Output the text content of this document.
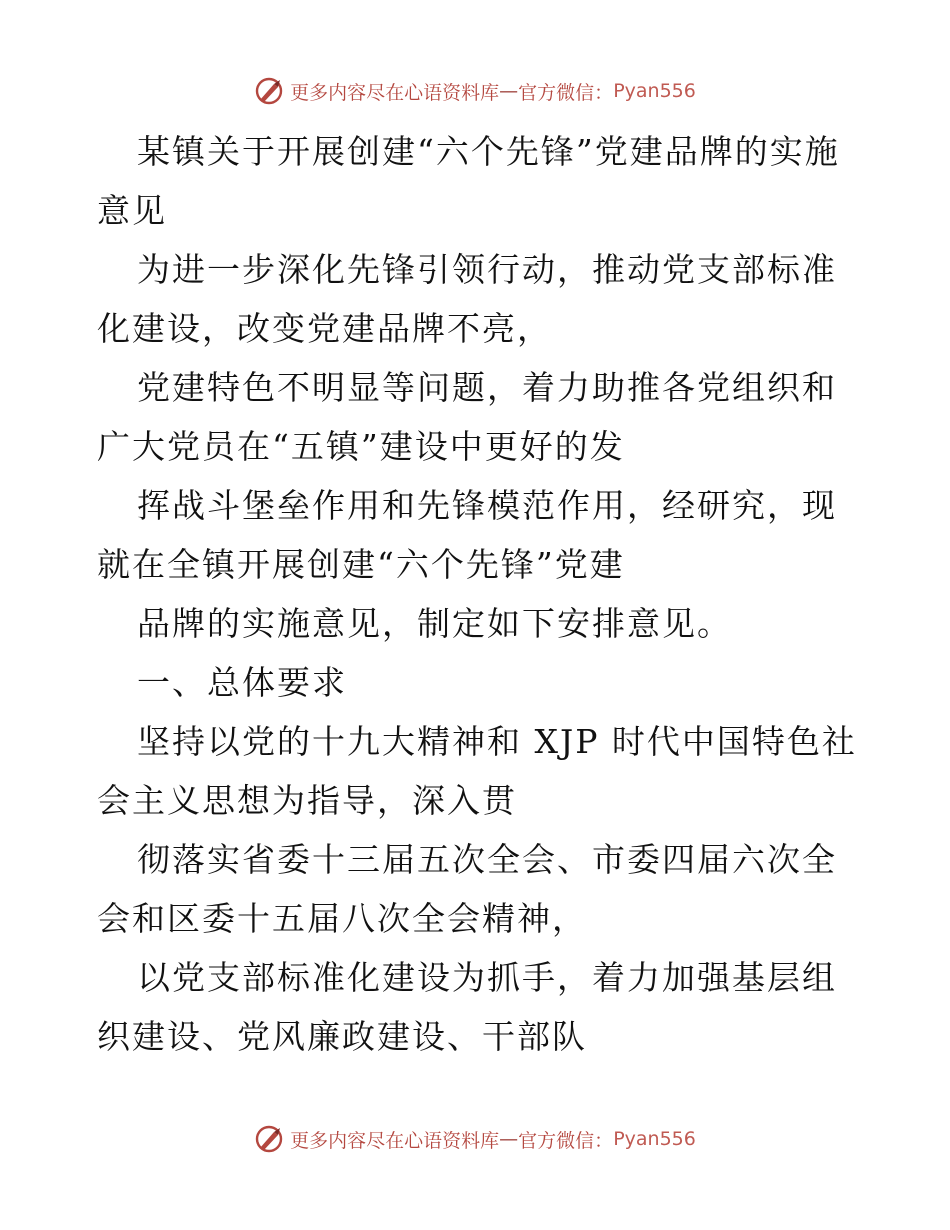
更多内容尽在心语资料库 — 官方微信： Pyan556

某镇关于开展创建“六个先锋”党建品牌的实施意见

为进一步深化先锋引领行动，推动党支部标准化建设，改变党建品牌不亮，

党建特色不明显等问题，着力助推各党组织和广大党员在“五镇”建设中更好的发

挥战斗堡垒作用和先锋模范作用，经研究，现就在全镇开展创建“六个先锋”党建

品牌的实施意见，制定如下安排意见。

一、总体要求

坚持以党的十九大精神和 XJP 时代中国特色社会主义思想为指导，深入贯

彻落实省委十三届五次全会、市委四届六次全会和区委十五届八次全会精神，

以党支部标准化建设为抓手，着力加强基层组织建设、党风廉政建设、干部队

更多内容尽在心语资料库 — 官方微信： Pyan556
